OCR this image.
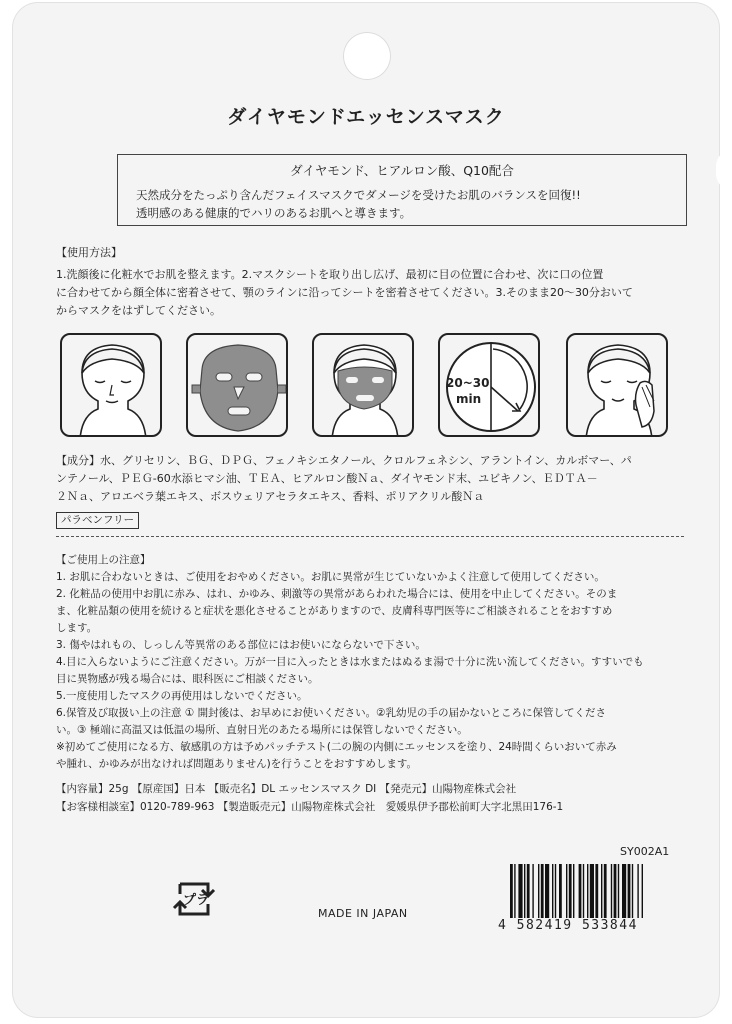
ダイヤモンドエッセンスマスク
ダイヤモンド、ヒアルロン酸、Q10配合
天然成分をたっぷり含んだフェイスマスクでダメージを受けたお肌のバランスを回復!!
透明感のある健康的でハリのあるお肌へと導きます。
【使用方法】
1.洗顔後に化粧水でお肌を整えます。2.マスクシートを取り出し広げ、最初に目の位置に合わせ、次に口の位置
に合わせてから顔全体に密着させて、顎のラインに沿ってシートを密着させてください。3.そのまま20～30分おいて
からマスクをはずしてください。
20~30
min
【成分】水、グリセリン、ＢＧ、ＤＰＧ、フェノキシエタノール、クロルフェネシン、アラントイン、カルボマー、パ
ンテノール、ＰＥＧ-60水添ヒマシ油、ＴＥＡ、ヒアルロン酸Ｎａ、ダイヤモンド末、ユビキノン、ＥＤＴＡ－
２Ｎａ、アロエベラ葉エキス、ボスウェリアセラタエキス、香料、ポリアクリル酸Ｎａ
パラベンフリー
【ご使用上の注意】
1. お肌に合わないときは、ご使用をおやめください。お肌に異常が生じていないかよく注意して使用してください。
2. 化粧品の使用中お肌に赤み、はれ、かゆみ、刺激等の異常があらわれた場合には、使用を中止してください。そのま
ま、化粧品類の使用を続けると症状を悪化させることがありますので、皮膚科専門医等にご相談されることをおすすめ
します。
3. 傷やはれもの、しっしん等異常のある部位にはお使いにならないで下さい。
4.目に入らないようにご注意ください。万が一目に入ったときは水またはぬるま湯で十分に洗い流してください。すすいでも
目に異物感が残る場合には、眼科医にご相談ください。
5.一度使用したマスクの再使用はしないでください。
6.保管及び取扱い上の注意 ① 開封後は、お早めにお使いください。②乳幼児の手の届かないところに保管してくださ
い。③ 極端に高温又は低温の場所、直射日光のあたる場所には保管しないでください。
※初めてご使用になる方、敏感肌の方は予めパッチテスト(二の腕の内側にエッセンスを塗り、24時間くらいおいて赤み
や腫れ、かゆみが出なければ問題ありません)を行うことをおすすめします。
【内容量】25g 【原産国】日本 【販売名】DL エッセンスマスク DI 【発売元】山陽物産株式会社
【お客様相談室】0120-789-963 【製造販売元】山陽物産株式会社　愛媛県伊予郡松前町大字北黒田176-1
SY002A1
プラ
MADE IN JAPAN
4 582419 533844
